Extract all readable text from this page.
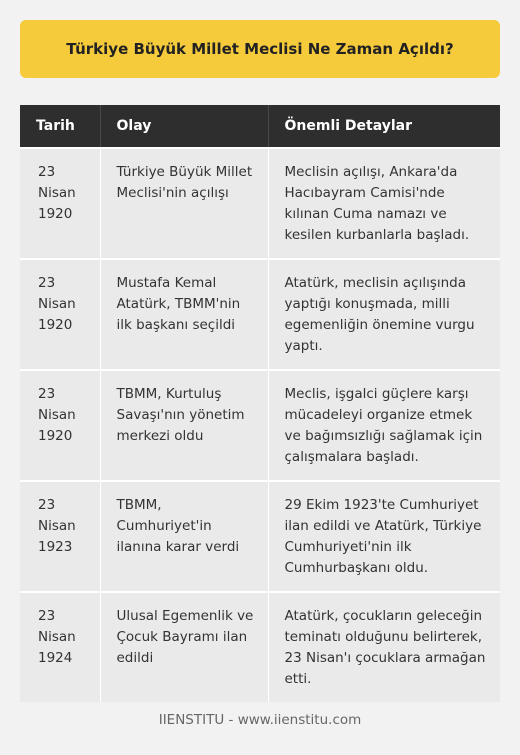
Türkiye Büyük Millet Meclisi Ne Zaman Açıldı?
Tarih	Olay	Önemli Detaylar

23
Nisan
1920	Türkiye Büyük Millet Meclisi'nin açılışı	Meclisin açılışı, Ankara'da Hacıbayram Camisi'nde kılınan Cuma namazı ve kesilen kurbanlarla başladı.

23
Nisan
1920	Mustafa Kemal Atatürk, TBMM'nin ilk başkanı seçildi	Atatürk, meclisin açılışında yaptığı konuşmada, milli egemenliğin önemine vurgu yaptı.

23
Nisan
1920	TBMM, Kurtuluş Savaşı'nın yönetim merkezi oldu	Meclis, işgalci güçlere karşı mücadeleyi organize etmek ve bağımsızlığı sağlamak için çalışmalara başladı.

23
Nisan
1923	TBMM, Cumhuriyet'in ilanına karar verdi	29 Ekim 1923'te Cumhuriyet ilan edildi ve Atatürk, Türkiye Cumhuriyeti'nin ilk Cumhurbaşkanı oldu.

23
Nisan
1924	Ulusal Egemenlik ve Çocuk Bayramı ilan edildi	Atatürk, çocukların geleceğin teminatı olduğunu belirterek, 23 Nisan'ı çocuklara armağan etti.
IIENSTITU - www.iienstitu.com
